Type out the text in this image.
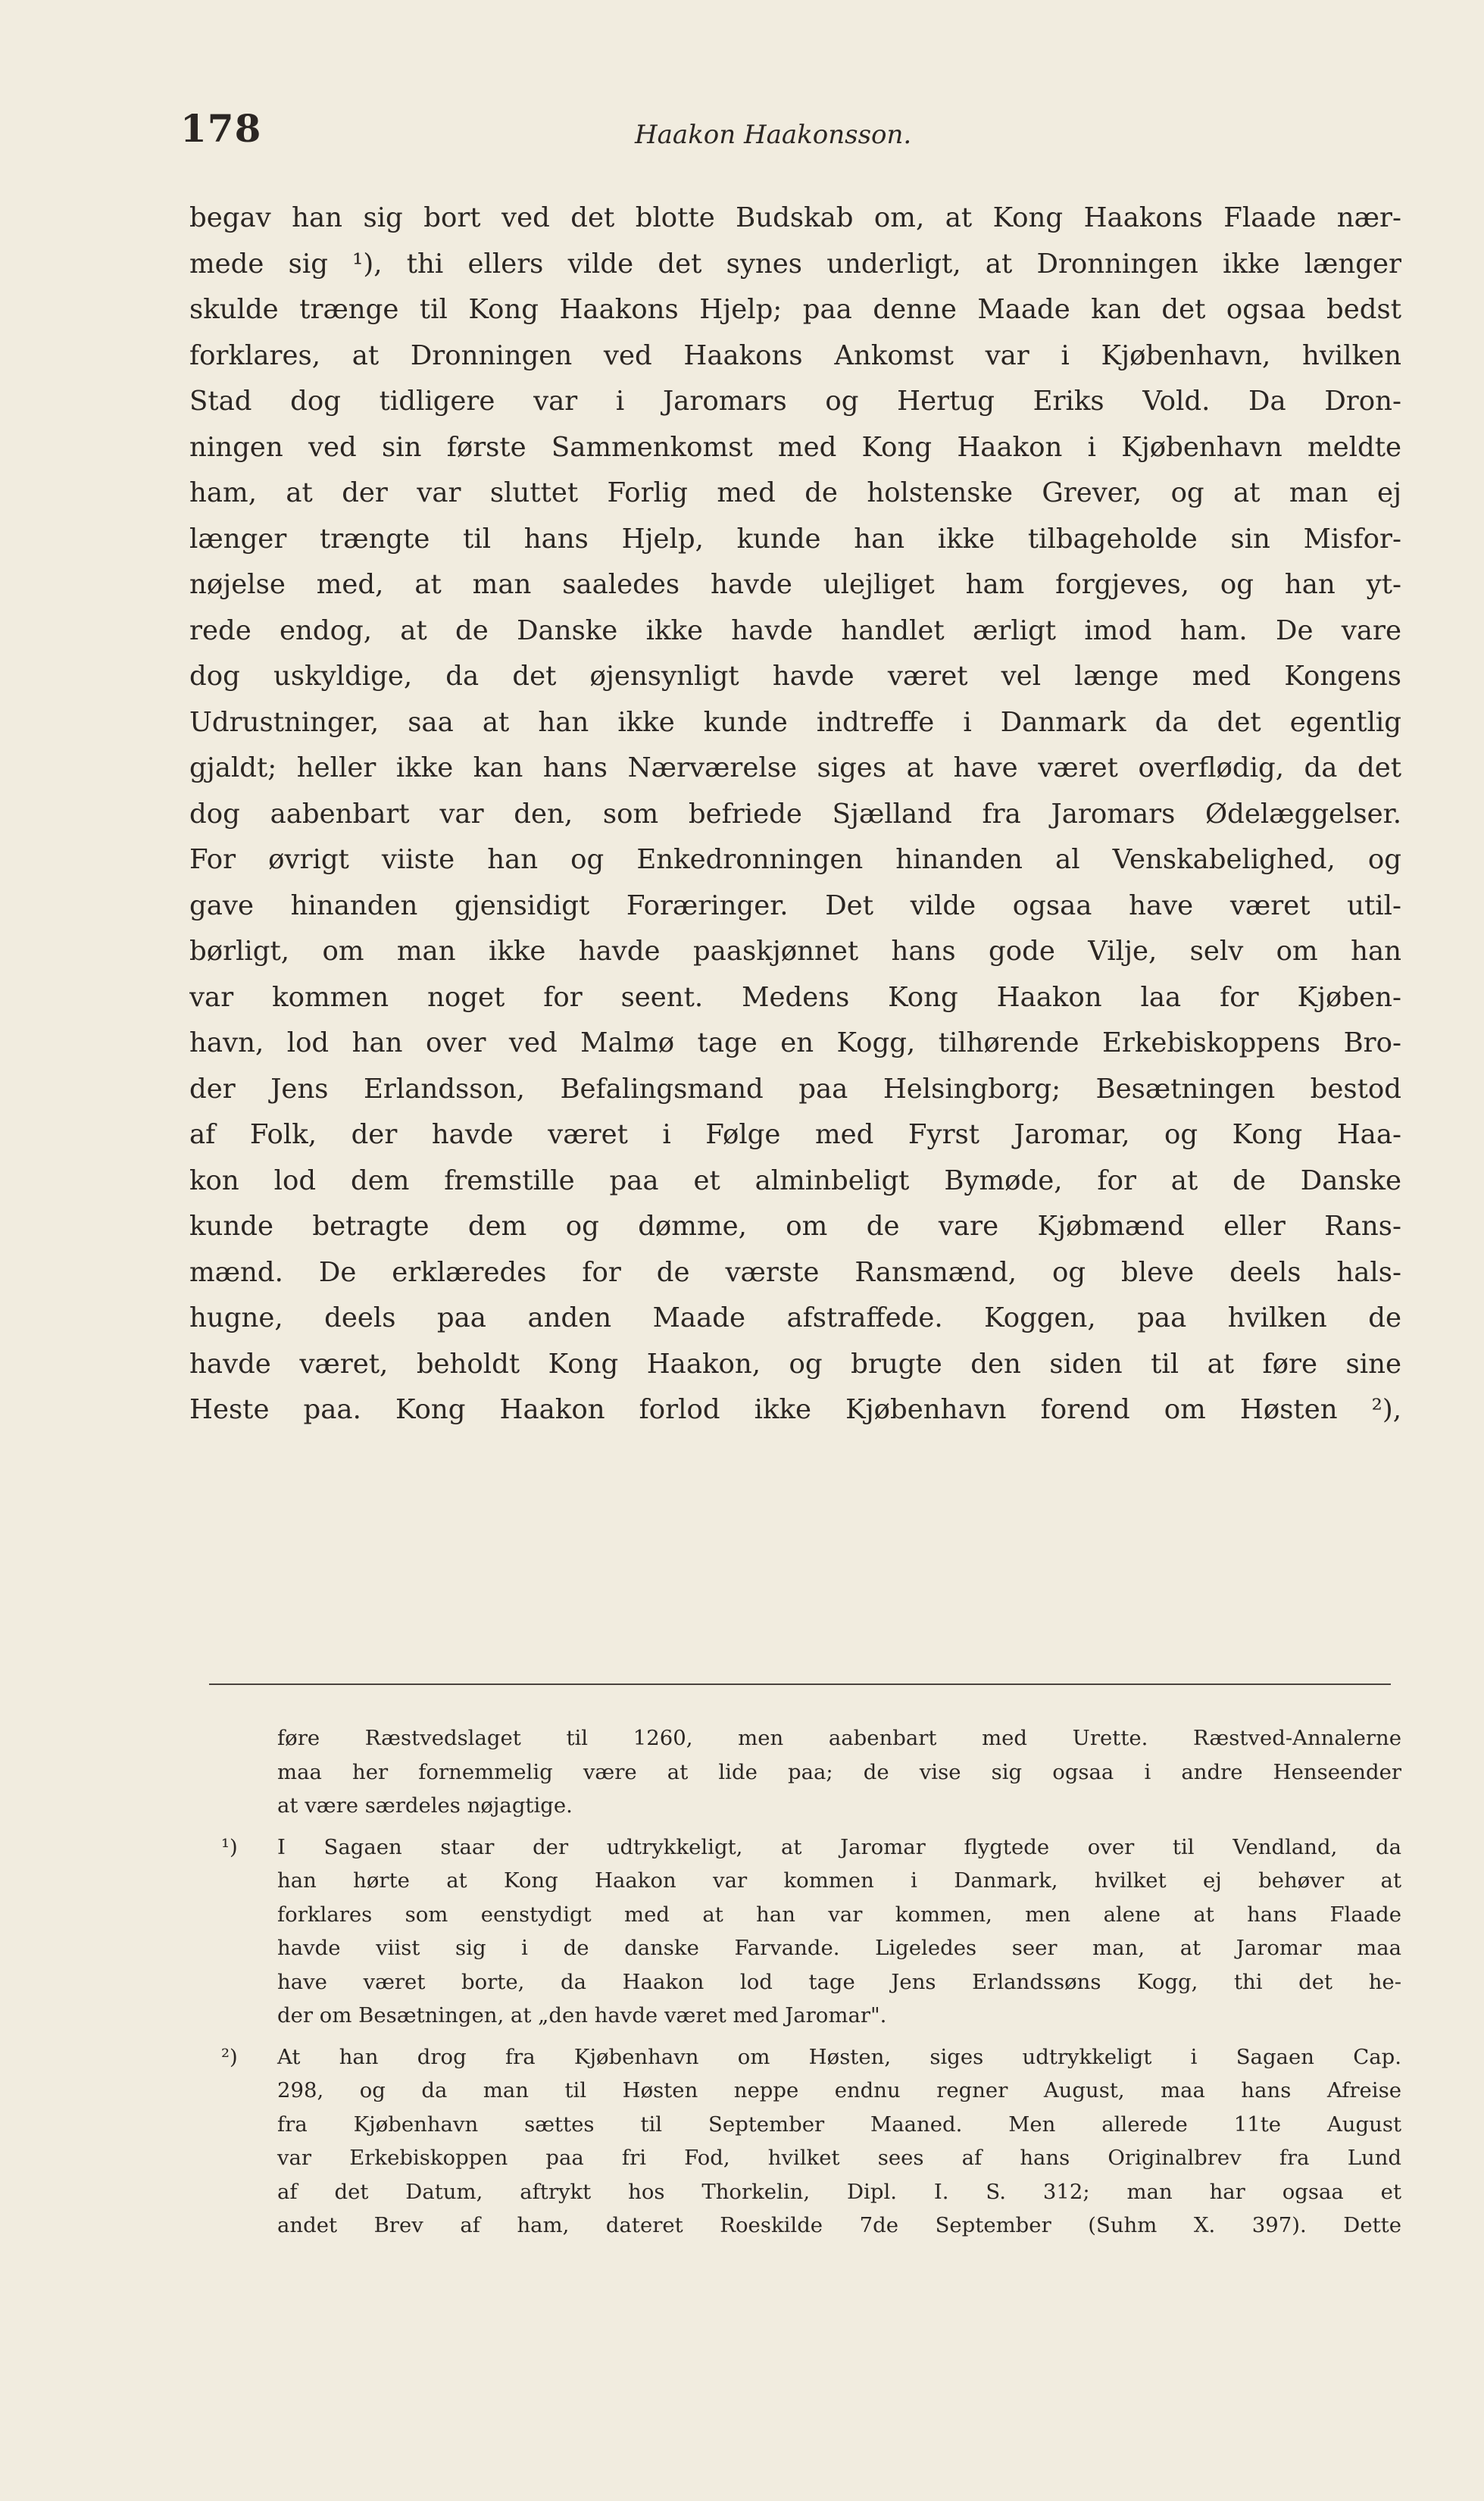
178	Haakon Haakonsson.
begav han sig bort ved det blotte Budskab om, at Kong Haakons Flaade nær-
mede sig ¹), thi ellers vilde det synes underligt, at Dronningen ikke længer
skulde trænge til Kong Haakons Hjelp; paa denne Maade kan det ogsaa bedst
forklares, at Dronningen ved Haakons Ankomst var i Kjøbenhavn, hvilken
Stad dog tidligere var i Jaromars og Hertug Eriks Vold. Da Dron-
ningen ved sin første Sammenkomst med Kong Haakon i Kjøbenhavn meldte
ham, at der var sluttet Forlig med de holstenske Grever, og at man ej
længer trængte til hans Hjelp, kunde han ikke tilbageholde sin Misfor-
nøjelse med, at man saaledes havde ulejliget ham forgjeves, og han yt-
rede endog, at de Danske ikke havde handlet ærligt imod ham. De vare
dog uskyldige, da det øjensynligt havde været vel længe med Kongens
Udrustninger, saa at han ikke kunde indtreffe i Danmark da det egentlig
gjaldt; heller ikke kan hans Nærværelse siges at have været overflødig, da det
dog aabenbart var den, som befriede Sjælland fra Jaromars Ødelæggelser.
For øvrigt viiste han og Enkedronningen hinanden al Venskabelighed, og
gave hinanden gjensidigt Foræringer. Det vilde ogsaa have været util-
børligt, om man ikke havde paaskjønnet hans gode Vilje, selv om han
var kommen noget for seent. Medens Kong Haakon laa for Kjøben-
havn, lod han over ved Malmø tage en Kogg, tilhørende Erkebiskoppens Bro-
der Jens Erlandsson, Befalingsmand paa Helsingborg; Besætningen bestod
af Folk, der havde været i Følge med Fyrst Jaromar, og Kong Haa-
kon lod dem fremstille paa et alminbeligt Bymøde, for at de Danske
kunde betragte dem og dømme, om de vare Kjøbmænd eller Rans-
mænd. De erklæredes for de værste Ransmænd, og bleve deels hals-
hugne, deels paa anden Maade afstraffede. Koggen, paa hvilken de
havde været, beholdt Kong Haakon, og brugte den siden til at føre sine
Heste paa. Kong Haakon forlod ikke Kjøbenhavn forend om Høsten ²),
føre Ræstvedslaget til 1260, men aabenbart med Urette. Ræstved-Annalerne
maa her fornemmelig være at lide paa; de vise sig ogsaa i andre Henseender
at være særdeles nøjagtige.
¹) I Sagaen staar der udtrykkeligt, at Jaromar flygtede over til Vendland, da
han hørte at Kong Haakon var kommen i Danmark, hvilket ej behøver at
forklares som eenstydigt med at han var kommen, men alene at hans Flaade
havde viist sig i de danske Farvande. Ligeledes seer man, at Jaromar maa
have været borte, da Haakon lod tage Jens Erlandssøns Kogg, thi det he-
der om Besætningen, at „den havde været med Jaromar".
²) At han drog fra Kjøbenhavn om Høsten, siges udtrykkeligt i Sagaen Cap.
298, og da man til Høsten neppe endnu regner August, maa hans Afreise
fra Kjøbenhavn sættes til September Maaned. Men allerede 11te August
var Erkebiskoppen paa fri Fod, hvilket sees af hans Originalbrev fra Lund
af det Datum, aftrykt hos Thorkelin, Dipl. I. S. 312; man har ogsaa et
andet Brev af ham, dateret Roeskilde 7de September (Suhm X. 397). Dette
